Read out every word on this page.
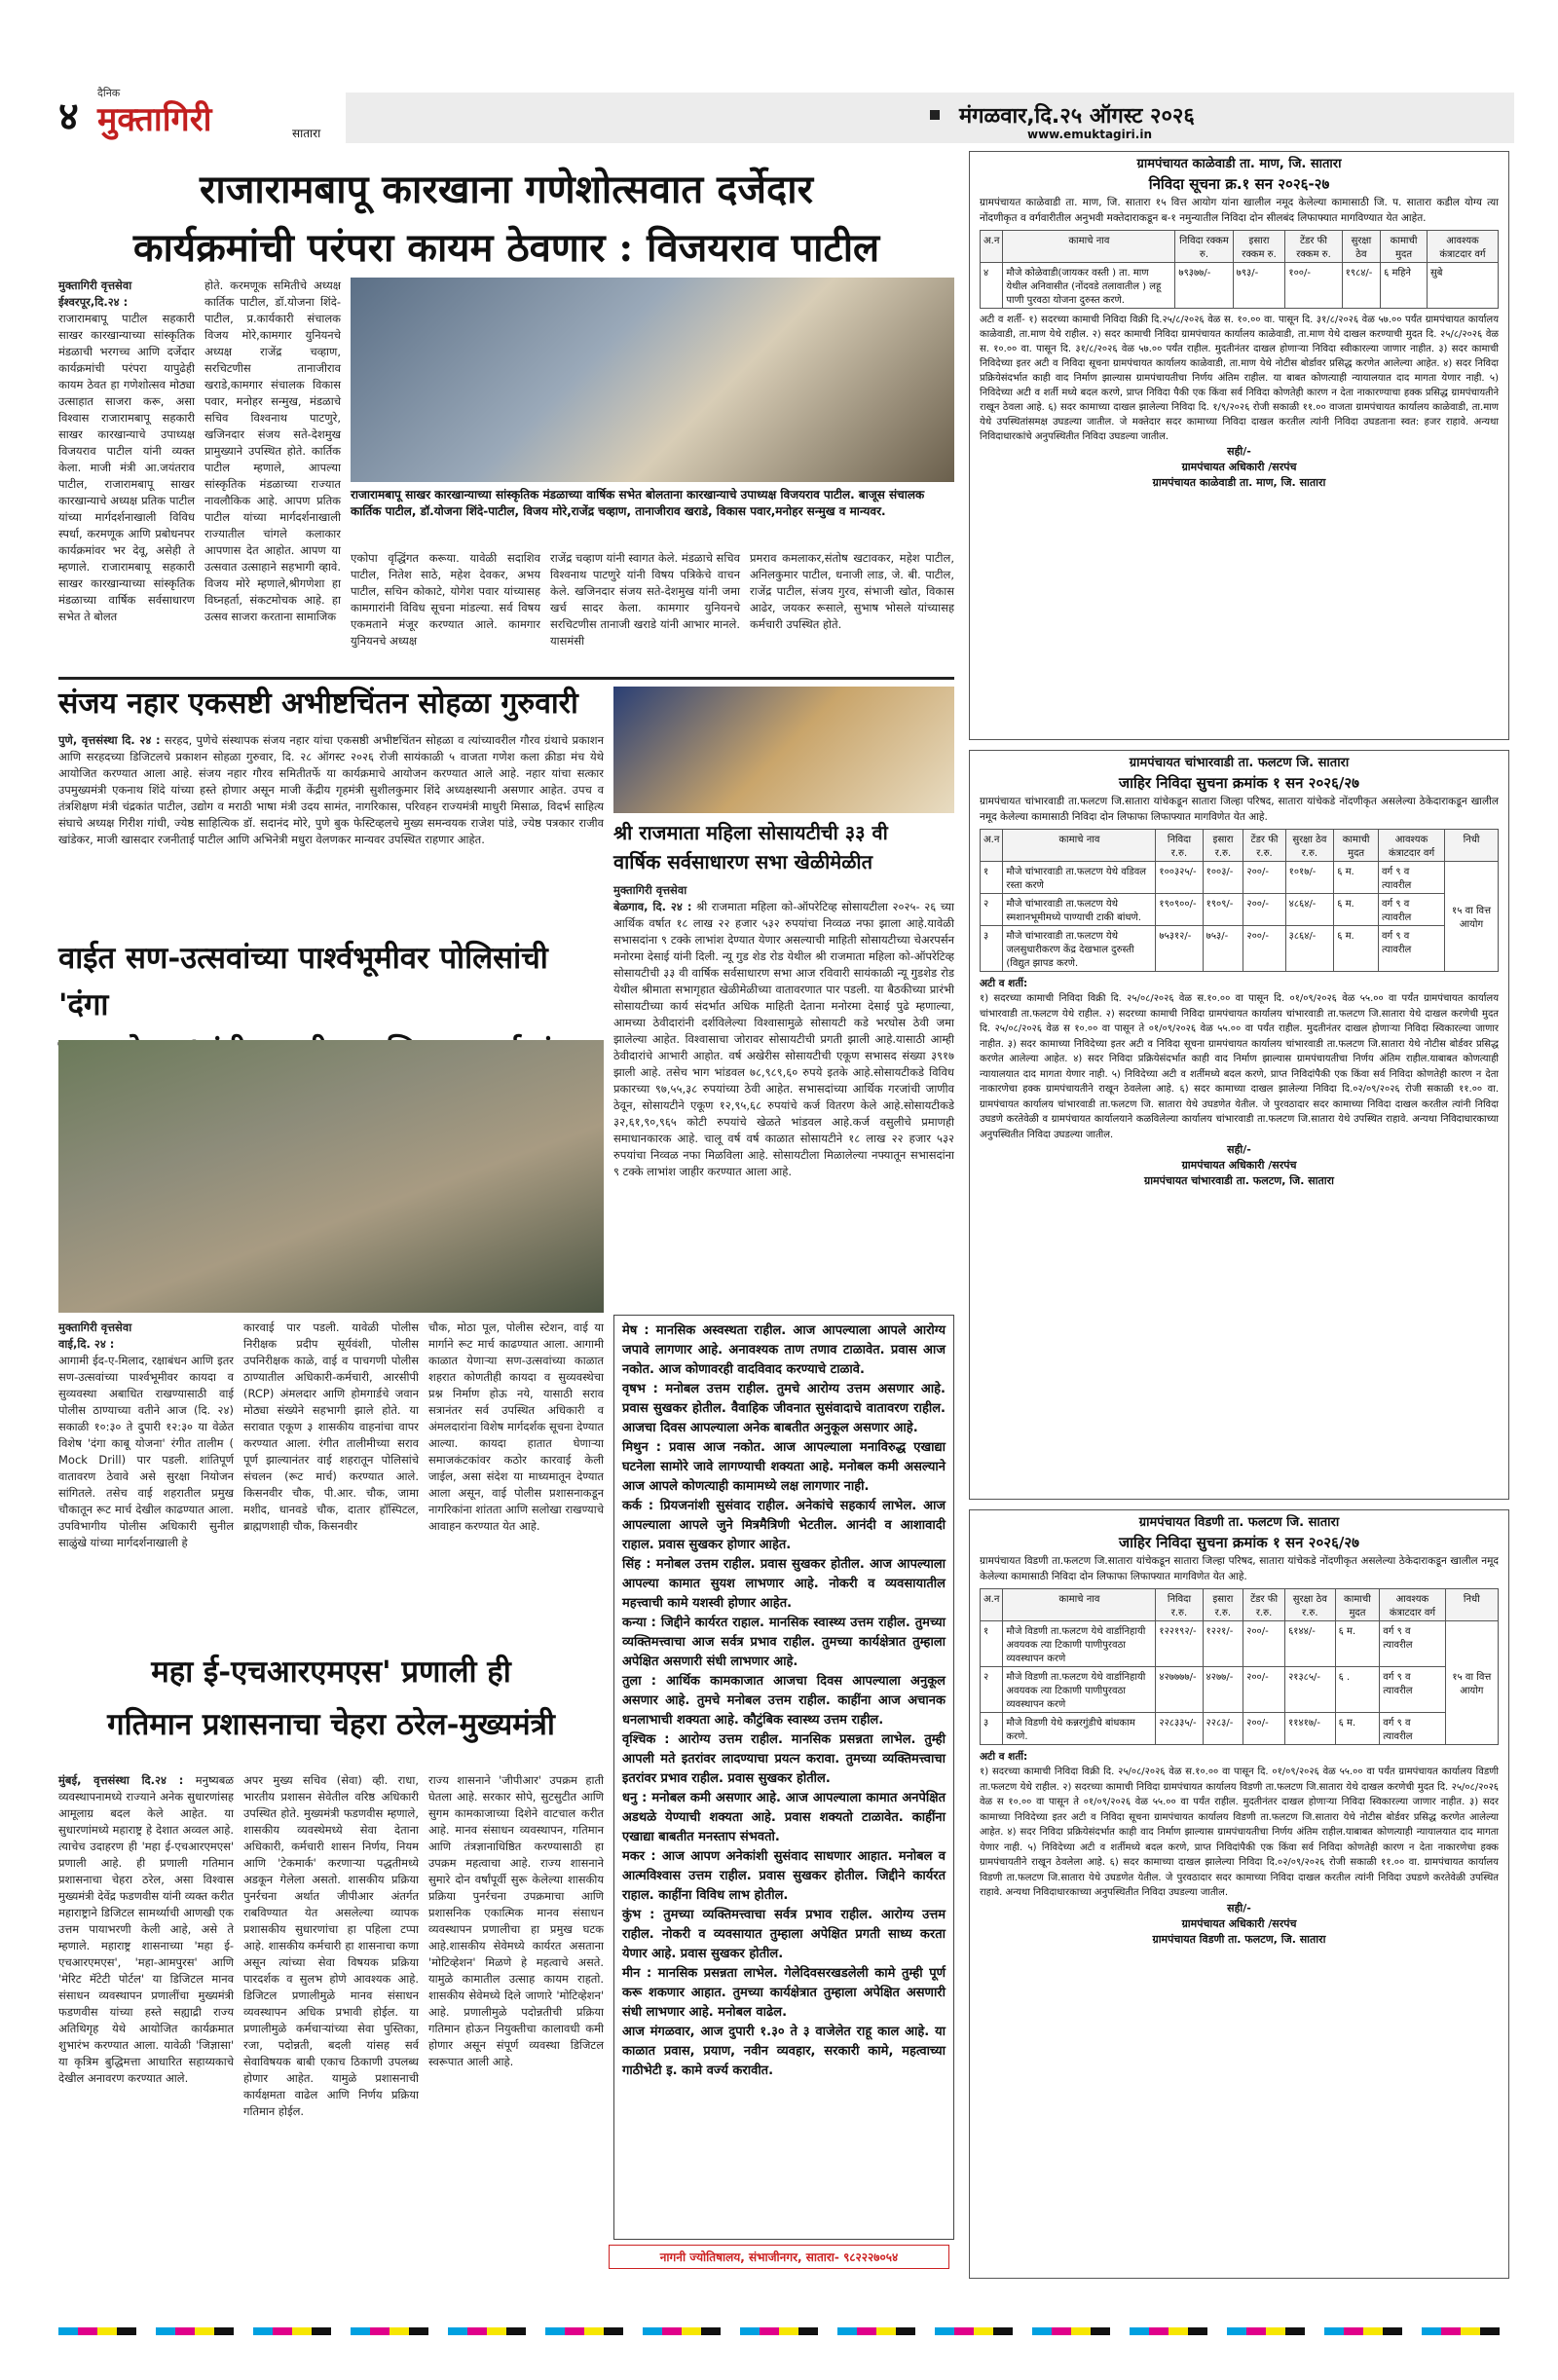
४
दैनिक
मुक्तागिरी	सातारा
मंगळवार,दि.२५ ऑगस्ट २०२६
www.emuktagiri.in
राजारामबापू कारखाना गणेशोत्सवात दर्जेदार
कार्यक्रमांची परंपरा कायम ठेवणार : विजयराव पाटील
मुक्तागिरी वृत्तसेवा
ईश्वरपूर,दि.२४ :
राजारामबापू पाटील सहकारी साखर कारखान्याच्या सांस्कृतिक मंडळाची भरगच्च आणि दर्जेदार कार्यक्रमांची परंपरा यापुढेही कायम ठेवत हा गणेशोत्सव मोठ्या उत्साहात साजरा करू, असा विश्वास राजारामबापू सहकारी साखर कारखान्याचे उपाध्यक्ष विजयराव पाटील यांनी व्यक्त केला. माजी मंत्री आ.जयंतराव पाटील, राजारामबापू साखर कारखान्याचे अध्यक्ष प्रतिक पाटील यांच्या मार्गदर्शनाखाली विविध स्पर्धा, करमणूक आणि प्रबोधनपर कार्यक्रमांवर भर देवू, असेही ते म्हणाले. राजारामबापू सहकारी साखर कारखान्याच्या सांस्कृतिक मंडळाच्या वार्षिक सर्वसाधारण सभेत ते बोलत
होते. करमणूक समितीचे अध्यक्ष कार्तिक पाटील, डॉ.योजना शिंदे-पाटील, प्र.कार्यकारी संचालक विजय मोरे,कामगार युनियनचे अध्यक्ष राजेंद्र चव्हाण, सरचिटणीस तानाजीराव खराडे,कामगार संचालक विकास पवार, मनोहर सन्मुख, मंडळाचे सचिव विश्वनाथ पाटणुरे, खजिनदार संजय सते-देशमुख प्रामुख्याने उपस्थित होते. कार्तिक पाटील म्हणाले, आपल्या सांस्कृतिक मंडळाच्या राज्यात नावलौकिक आहे. आपण प्रतिक पाटील यांच्या मार्गदर्शनाखाली राज्यातील चांगले कलाकार आपणास देत आहोत. आपण या उत्सवात उत्साहाने सहभागी व्हावे. विजय मोरे म्हणाले,श्रीगणेशा हा विघ्नहर्ता, संकटमोचक आहे. हा उत्सव साजरा करताना सामाजिक
राजारामबापू साखर कारखान्याच्या सांस्कृतिक मंडळाच्या वार्षिक सभेत बोलताना कारखान्याचे उपाध्यक्ष विजयराव पाटील. बाजूस संचालक कार्तिक पाटील, डॉ.योजना शिंदे-पाटील, विजय मोरे,राजेंद्र चव्हाण, तानाजीराव खराडे, विकास पवार,मनोहर सन्मुख व मान्यवर.
एकोपा वृद्धिंगत करूया. यावेळी सदाशिव पाटील, नितेश साठे, महेश देवकर, अभय पाटील, सचिन कोकाटे, योगेश पवार यांच्यासह कामगारांनी विविध सूचना मांडल्या. सर्व विषय एकमताने मंजूर करण्यात आले. कामगार युनियनचे अध्यक्ष
राजेंद्र चव्हाण यांनी स्वागत केले. मंडळाचे सचिव विश्वनाथ पाटणुरे यांनी विषय पत्रिकेचे वाचन केले. खजिनदार संजय सते-देशमुख यांनी जमा खर्च सादर केला. कामगार युनियनचे सरचिटणीस तानाजी खराडे यांनी आभार मानले. यासमंसी
प्रमराव कमलाकर,संतोष खटावकर, महेश पाटील, अनिलकुमार पाटील, धनाजी लाड, जे. बी. पाटील, राजेंद्र पाटील, संजय गुरव, संभाजी खोत, विकास आढेर, जयकर रूसाले, सुभाष भोसले यांच्यासह कर्मचारी उपस्थित होते.
संजय नहार एकसष्टी अभीष्टचिंतन सोहळा गुरुवारी
पुणे, वृत्तसंस्था दि. २४ : सरहद, पुणेचे संस्थापक संजय नहार यांचा एकसष्ठी अभीष्टचिंतन सोहळा व त्यांच्यावरील गौरव ग्रंथाचे प्रकाशन आणि सरहदच्या डिजिटलचे प्रकाशन सोहळा गुरुवार, दि. २८ ऑगस्ट २०२६ रोजी सायंकाळी ५ वाजता गणेश कला क्रीडा मंच येथे आयोजित करण्यात आला आहे. संजय नहार गौरव समितीतर्फे या कार्यक्रमाचे आयोजन करण्यात आले आहे. नहार यांचा सत्कार उपमुख्यमंत्री एकनाथ शिंदे यांच्या हस्ते होणार असून माजी केंद्रीय गृहमंत्री सुशीलकुमार शिंदे अध्यक्षस्थानी असणार आहेत. उपच व तंत्रशिक्षण मंत्री चंद्रकांत पाटील, उद्योग व मराठी भाषा मंत्री उदय सामंत, नागरिकास, परिवहन राज्यमंत्री माधुरी मिसाळ, विदर्भ साहित्य संघाचे अध्यक्ष गिरीश गांधी, ज्येष्ठ साहित्यिक डॉ. सदानंद मोरे, पुणे बुक फेस्टिव्हलचे मुख्य समन्वयक राजेश पांडे, ज्येष्ठ पत्रकार राजीव खांडेकर, माजी खासदार रजनीताई पाटील आणि अभिनेत्री मधुरा वेलणकर मान्यवर उपस्थित राहणार आहेत.	श्री राजमाता महिला सोसायटीची ३३ वी
वार्षिक सर्वसाधारण सभा खेळीमेळीत
मुक्तागिरी वृत्तसेवा
बेळगाव, दि. २४ : श्री राजमाता महिला को-ऑपरेटिव्ह सोसायटीला २०२५- २६ च्या आर्थिक वर्षात १८ लाख २२ हजार ५३२ रुपयांचा निव्वळ नफा झाला आहे.यावेळी सभासदांना ९ टक्के लाभांश देण्यात येणार असल्याची माहिती सोसायटीच्या चेअरपर्सन मनोरमा देसाई यांनी दिली. न्यू गुड शेड रोड येथील श्री राजमाता महिला को-ऑपरेटिव्ह सोसायटीची ३३ वी वार्षिक सर्वसाधारण सभा आज रविवारी सायंकाळी न्यू गुडशेड रोड येथील श्रीमाता सभागृहात खेळीमेळीच्या वातावरणात पार पडली. या बैठकीच्या प्रारंभी सोसायटीच्या कार्य संदर्भात अधिक माहिती देताना मनोरमा देसाई पुढे म्हणाल्या, आमच्या ठेवीदारांनी दर्शविलेल्या विश्वासामुळे सोसायटी कडे भरघोस ठेवी जमा झालेल्या आहेत. विश्वासाचा जोरावर सोसायटीची प्रगती झाली आहे.यासाठी आम्ही ठेवीदारांचे आभारी आहोत. वर्ष अखेरीस सोसायटीची एकूण सभासद संख्या ३९१७ झाली आहे. तसेच भाग भांडवल ७८,९८९,६० रुपये इतके आहे.सोसायटीकडे विविध प्रकारच्या ९७,५५,३८ रुपयांच्या ठेवी आहेत. सभासदांच्या आर्थिक गरजांची जाणीव ठेवून, सोसायटीने एकूण १२,९५,६८ रुपयांचे कर्ज वितरण केले आहे.सोसायटीकडे ३२,६१,९०,९६५ कोटी रुपयांचे खेळते भांडवल आहे.कर्ज वसुलीचे प्रमाणही समाधानकारक आहे. चालू वर्ष वर्ष काळात सोसायटीने १८ लाख २२ हजार ५३२ रुपयांचा निव्वळ नफा मिळविला आहे. सोसायटीला मिळालेल्या नफ्यातून सभासदांना ९ टक्के लाभांश जाहीर करण्यात आला आहे.
वाईत सण-उत्सवांच्या पार्श्वभूमीवर पोलिसांची 'दंगा
मुक्तागिरी वृत्तसेवा
वाई,दि. २४ :
आगामी ईद-ए-मिलाद, रक्षाबंधन आणि इतर सण-उत्सवांच्या पार्श्वभूमीवर कायदा व सुव्यवस्था अबाधित राखण्यासाठी वाई पोलीस ठाण्याच्या वतीने आज (दि. २४) सकाळी १०:३० ते दुपारी १२:३० या वेळेत विशेष 'दंगा काबू योजना' रंगीत तालीम ( Mock Drill) पार पडली. शांतिपूर्ण वातावरण ठेवावे असे सुरक्षा नियोजन सांगितले. तसेच वाई शहरातील प्रमुख चौकातून रूट मार्च देखील काढण्यात आला. उपविभागीय पोलीस अधिकारी सुनील साळुंखे यांच्या मार्गदर्शनाखाली हे
कारवाई पार पडली. यावेळी पोलीस निरीक्षक प्रदीप सूर्यवंशी, पोलीस उपनिरीक्षक काळे, वाई व पाचगणी पोलीस ठाण्यातील अधिकारी-कर्मचारी, आरसीपी (RCP) अंमलदार आणि होमगार्डचे जवान मोठ्या संख्येने सहभागी झाले होते. या सरावात एकूण ३ शासकीय वाहनांचा वापर करण्यात आला. रंगीत तालीमीच्या सराव पूर्ण झाल्यानंतर वाई शहरातून पोलिसांचे संचलन (रूट मार्च) करण्यात आले. किसनवीर चौक, पी.आर. चौक, जामा मशीद, धानवडे चौक, दातार हॉस्पिटल, ब्राह्मणशाही चौक, किसनवीर
चौक, मोठा पूल, पोलीस स्टेशन, वाई या मार्गाने रूट मार्च काढण्यात आला. आगामी काळात येणाऱ्या सण-उत्सवांच्या काळात शहरात कोणतीही कायदा व सुव्यवस्थेचा प्रश्न निर्माण होऊ नये, यासाठी सराव सत्रानंतर सर्व उपस्थित अधिकारी व अंमलदारांना विशेष मार्गदर्शक सूचना देण्यात आल्या. कायदा हातात घेणाऱ्या समाजकंटकांवर कठोर कारवाई केली जाईल, असा संदेश या माध्यमातून देण्यात आला असून, वाई पोलीस प्रशासनाकडून नागरिकांना शांतता आणि सलोखा राखण्याचे आवाहन करण्यात येत आहे.
महा ई-एचआरएमएस' प्रणाली ही
गतिमान प्रशासनाचा चेहरा ठरेल-मुख्यमंत्री
मुंबई, वृत्तसंस्था दि.२४ : मनुष्यबळ व्यवस्थापनामध्ये राज्याने अनेक सुधारणांसह आमूलाग्र बदल केले आहेत. या सुधारणांमध्ये महाराष्ट्र हे देशात अव्वल आहे. त्याचेच उदाहरण ही 'महा ई-एचआरएमएस' प्रणाली आहे. ही प्रणाली गतिमान प्रशासनाचा चेहरा ठरेल, असा विश्वास मुख्यमंत्री देवेंद्र फडणवीस यांनी व्यक्त करीत महाराष्ट्राने डिजिटल सामर्थ्याची आणखी एक उत्तम पायाभरणी केली आहे, असे ते म्हणाले. महाराष्ट्र शासनाच्या 'महा ई-एचआरएमएस', 'महा-आमपुरस' आणि 'मेरिट मॅटेटी पोर्टल' या डिजिटल मानव संसाधन व्यवस्थापन प्रणालींचा मुख्यमंत्री फडणवीस यांच्या हस्ते सह्याद्री राज्य अतिथिगृह येथे आयोजित कार्यक्रमात शुभारंभ करण्यात आला. यावेळी 'जिज्ञासा' या कृत्रिम बुद्धिमत्ता आधारित सहाय्यकाचे देखील अनावरण करण्यात आले.
अपर मुख्य सचिव (सेवा) व्ही. राधा, भारतीय प्रशासन सेवेतील वरिष्ठ अधिकारी उपस्थित होते. मुख्यमंत्री फडणवीस म्हणाले, शासकीय व्यवस्थेमध्ये सेवा देताना अधिकारी, कर्मचारी शासन निर्णय, नियम आणि 'टेकमार्क' करणाऱ्या पद्धतीमध्ये अडकून गेलेला असतो. शासकीय प्रक्रिया पुनर्रचना अर्थात जीपीआर अंतर्गत राबविण्यात येत असलेल्या व्यापक प्रशासकीय सुधारणांचा हा पहिला टप्पा आहे. शासकीय कर्मचारी हा शासनाचा कणा असून त्यांच्या सेवा विषयक प्रक्रिया पारदर्शक व सुलभ होणे आवश्यक आहे. डिजिटल प्रणालीमुळे मानव संसाधन व्यवस्थापन अधिक प्रभावी होईल. या प्रणालीमुळे कर्मचाऱ्यांच्या सेवा पुस्तिका, रजा, पदोन्नती, बदली यांसह सर्व सेवाविषयक बाबी एकाच ठिकाणी उपलब्ध होणार आहेत. यामुळे प्रशासनाची कार्यक्षमता वाढेल आणि निर्णय प्रक्रिया गतिमान होईल.
राज्य शासनाने 'जीपीआर' उपक्रम हाती घेतला आहे. सरकार सोपे, सुटसुटीत आणि सुगम कामकाजाच्या दिशेने वाटचाल करीत आहे. मानव संसाधन व्यवस्थापन, गतिमान आणि तंत्रज्ञानाधिष्ठित करण्यासाठी हा उपक्रम महत्वाचा आहे. राज्य शासनाने सुमारे दोन वर्षांपूर्वी सुरू केलेल्या शासकीय प्रक्रिया पुनर्रचना उपक्रमाचा आणि प्रशासनिक एकात्मिक मानव संसाधन व्यवस्थापन प्रणालीचा हा प्रमुख घटक आहे.शासकीय सेवेमध्ये कार्यरत असताना 'मोटिव्हेशन' मिळणे हे महत्वाचे असते. यामुळे कामातील उत्साह कायम राहतो. शासकीय सेवेमध्ये दिले जाणारे 'मोटिव्हेशन' आहे. प्रणालीमुळे पदोन्नतीची प्रक्रिया गतिमान होऊन नियुक्तीचा कालावधी कमी होणार असून संपूर्ण व्यवस्था डिजिटल स्वरूपात आली आहे.
मेष : मानसिक अस्वस्थता राहील. आज आपल्याला आपले आरोग्य जपावे लागणार आहे. अनावश्यक ताण तणाव टाळावेत. प्रवास आज नकोत. आज कोणावरही वादविवाद करण्याचे टाळावे.
वृषभ : मनोबल उत्तम राहील. तुमचे आरोग्य उत्तम असणार आहे. प्रवास सुखकर होतील. वैवाहिक जीवनात सुसंवादाचे वातावरण राहील. आजचा दिवस आपल्याला अनेक बाबतीत अनुकूल असणार आहे.
मिथुन : प्रवास आज नकोत. आज आपल्याला मनाविरुद्ध एखाद्या घटनेला सामोरे जावे लागण्याची शक्यता आहे. मनोबल कमी असल्याने आज आपले कोणत्याही कामामध्ये लक्ष लागणार नाही.
कर्क : प्रियजनांशी सुसंवाद राहील. अनेकांचे सहकार्य लाभेल. आज आपल्याला आपले जुने मित्रमैत्रिणी भेटतील. आनंदी व आशावादी राहाल. प्रवास सुखकर होणार आहेत.
सिंह : मनोबल उत्तम राहील. प्रवास सुखकर होतील. आज आपल्याला आपल्या कामात सुयश लाभणार आहे. नोकरी व व्यवसायातील महत्त्वाची कामे यशस्वी होणार आहेत.
कन्या : जिद्दीने कार्यरत राहाल. मानसिक स्वास्थ्य उत्तम राहील. तुमच्या व्यक्तिमत्त्वाचा आज सर्वत्र प्रभाव राहील. तुमच्या कार्यक्षेत्रात तुम्हाला अपेक्षित असणारी संधी लाभणार आहे.
तुला : आर्थिक कामकाजात आजचा दिवस आपल्याला अनुकूल असणार आहे. तुमचे मनोबल उत्तम राहील. काहींना आज अचानक धनलाभाची शक्यता आहे. कौटुंबिक स्वास्थ्य उत्तम राहील.
वृश्चिक : आरोग्य उत्तम राहील. मानसिक प्रसन्नता लाभेल. तुम्ही आपली मते इतरांवर लादण्याचा प्रयत्न करावा. तुमच्या व्यक्तिमत्त्वाचा इतरांवर प्रभाव राहील. प्रवास सुखकर होतील.
धनु : मनोबल कमी असणार आहे. आज आपल्याला कामात अनपेक्षित अडथळे येण्याची शक्यता आहे. प्रवास शक्यतो टाळावेत. काहींना एखाद्या बाबतीत मनस्ताप संभवतो.
मकर : आज आपण अनेकांशी सुसंवाद साधणार आहात. मनोबल व आत्मविश्वास उत्तम राहील. प्रवास सुखकर होतील. जिद्दीने कार्यरत राहाल. काहींना विविध लाभ होतील.
कुंभ : तुमच्या व्यक्तिमत्त्वाचा सर्वत्र प्रभाव राहील. आरोग्य उत्तम राहील. नोकरी व व्यवसायात तुम्हाला अपेक्षित प्रगती साध्य करता येणार आहे. प्रवास सुखकर होतील.
मीन : मानसिक प्रसन्नता लाभेल. गेलेदिवसरखडलेली कामे तुम्ही पूर्ण करू शकणार आहात. तुमच्या कार्यक्षेत्रात तुम्हाला अपेक्षित असणारी संधी लाभणार आहे. मनोबल वाढेल.
आज मंगळवार, आज दुपारी १.३० ते ३ वाजेलेत राहू काल आहे. या काळात प्रवास, प्रयाण, नवीन व्यवहार, सरकारी कामे, महत्वाच्या गाठीभेटी इ. कामे वर्ज्य करावीत.
नागनी ज्योतिषालय, संभाजीनगर, सातारा- ९८२२२७०५४
ग्रामपंचायत काळेवाडी ता. माण, जि. सातारा
निविदा सूचना क्र.१ सन २०२६-२७
ग्रामपंचायत काळेवाडी ता. माण, जि. सातारा १५ वित्त आयोग यांना खालील नमूद केलेल्या कामासाठी जि. प. सातारा कडील योग्य त्या नोंदणीकृत व वर्गवारीतील अनुभवी मक्तेदाराकडून ब-१ नमुन्यातील निविदा दोन सीलबंद लिफाफ्यात मागविण्यात येत आहेत.
अ.न	कामाचे नाव	निविदा रक्कम रु.	इसारा रक्कम रु.	टेंडर फी रक्कम रु.	सुरक्षा ठेव	कामाची मुदत	आवश्यक कंत्राटदार वर्ग
४	मौजे कोळेवाडी(जायकर वस्ती ) ता. माण येथील अनिवासीत (नोंदवडे तलावातील ) लहू पाणी पुरवठा योजना दुरुस्त करणे.	७९३७७/-	७९३/-	१००/-	१९८४/-	६ महिने	सुबे
अटी व शर्ती- १) सदरच्या कामाची निविदा विक्री दि.२५/८/२०२६ वेळ स. १०.०० वा. पासून दि. ३१/८/२०२६ वेळ ५७.०० पर्यंत ग्रामपंचायत कार्यालय काळेवाडी, ता.माण येथे राहील. २) सदर कामाची निविदा ग्रामपंचायत कार्यालय काळेवाडी, ता.माण येथे दाखल करण्याची मुदत दि. २५/८/२०२६ वेळ स. १०.०० वा. पासून दि. ३१/८/२०२६ वेळ ५७.०० पर्यंत राहील. मुदतीनंतर दाखल होणाऱ्या निविदा स्वीकारल्या जाणार नाहीत. ३) सदर कामाची निविदेच्या इतर अटी व निविदा सूचना ग्रामपंचायत कार्यालय काळेवाडी, ता.माण येथे नोटीस बोर्डावर प्रसिद्ध करणेत आलेल्या आहेत. ४) सदर निविदा प्रक्रियेसंदर्भात काही वाद निर्माण झाल्यास ग्रामपंचायतीचा निर्णय अंतिम राहील. या बाबत कोणत्याही न्यायालयात दाद मागता येणार नाही. ५) निविदेच्या अटी व शर्ती मध्ये बदल करणे, प्राप्त निविदा पैकी एक किंवा सर्व निविदा कोणतेही कारण न देता नाकारण्याचा हक्क प्रसिद्ध ग्रामपंचायतीने राखून ठेवला आहे. ६) सदर कामाच्या दाखल झालेल्या निविदा दि. १/९/२०२६ रोजी सकाळी ११.०० वाजता ग्रामपंचायत कार्यालय काळेवाडी, ता.माण येथे उपस्थितांसमक्ष उघडल्या जातील. जे मक्तेदार सदर कामाच्या निविदा दाखल करतील त्यांनी निविदा उघडताना स्वत: हजर राहावे. अन्यथा निविदाधारकांचे अनुपस्थितीत निविदा उघडल्या जातील.
सही/-
ग्रामपंचायत अधिकारी /सरपंच
ग्रामपंचायत काळेवाडी ता. माण, जि. सातारा
ग्रामपंचायत चांभारवाडी ता. फलटण जि. सातारा
जाहिर निविदा सुचना क्रमांक १ सन २०२६/२७
ग्रामपंचायत चांभारवाडी ता.फलटण जि.सातारा यांचेकडून सातारा जिल्हा परिषद, सातारा यांचेकडे नोंदणीकृत असलेल्या ठेकेदाराकडून खालील नमूद केलेल्या कामासाठी निविदा दोन लिफाफा लिफाफ्यात मागविणेत येत आहे.
अ.न	कामाचे नाव	निविदा र.रु.	इसारा र.रु.	टेंडर फी र.रु.	सुरक्षा ठेव र.रु.	कामाची मुदत	आवश्यक कंत्राटदार वर्ग	निधी
१	मौजे चांभारवाडी ता.फलटण येथे वडिवल रस्ता करणे	१००३२५/-	१००३/-	२००/-	१०१७/-	६ म.	वर्ग ९ व त्यावरील	१५ वा वित्त आयोग
२	मौजे चांभारवाडी ता.फलटण येथे स्मशानभूमीमध्ये पाण्याची टाकी बांधणे.	१९०९००/-	१९०९/-	२००/-	४८६४/-	६ म.	वर्ग ९ व त्यावरील	
३	मौजे चांभारवाडी ता.फलटण येथे जलसुधारीकरण केंद्र देखभाल दुरुस्ती (विद्युत झापड करणे.	७५३१२/-	७५३/-	२००/-	३८६४/-	६ म.	वर्ग ९ व त्यावरील	
अटी व शर्ती:
१) सदरच्या कामाची निविदा विक्री दि. २५/०८/२०२६ वेळ स.१०.०० वा पासून दि. ०१/०९/२०२६ वेळ ५५.०० वा पर्यंत ग्रामपंचायत कार्यालय चांभारवाडी ता.फलटण येथे राहील. २) सदरच्या कामाची निविदा ग्रामपंचायत कार्यालय चांभारवाडी ता.फलटण जि.सातारा येथे दाखल करणेची मुदत दि. २५/०८/२०२६ वेळ स १०.०० वा पासून ते ०१/०९/२०२६ वेळ ५५.०० वा पर्यंत राहील. मुदतीनंतर दाखल होणाऱ्या निविदा स्विकारल्या जाणार नाहीत. ३) सदर कामाच्या निविदेच्या इतर अटी व निविदा सूचना ग्रामपंचायत कार्यालय चांभारवाडी ता.फलटण जि.सातारा येथे नोटीस बोर्डवर प्रसिद्ध करणेत आलेल्या आहेत. ४) सदर निविदा प्रक्रियेसंदर्भात काही वाद निर्माण झाल्यास ग्रामपंचायतीचा निर्णय अंतिम राहील.याबाबत कोणत्याही न्यायालयात दाद मागता येणार नाही. ५) निविदेच्या अटी व शर्तीमध्ये बदल करणे, प्राप्त निविदांपैकी एक किंवा सर्व निविदा कोणतेही कारण न देता नाकारणेचा हक्क ग्रामपंचायतीने राखून ठेवलेला आहे. ६) सदर कामाच्या दाखल झालेल्या निविदा दि.०२/०९/२०२६ रोजी सकाळी ११.०० वा. ग्रामपंचायत कार्यालय चांभारवाडी ता.फलटण जि. सातारा येथे उघडणेत येतील. जे पुरवठादार सदर कामाच्या निविदा दाखल करतील त्यांनी निविदा उघडणे करतेवेळी व ग्रामपंचायत कार्यालयाने कळविलेल्या कार्यालय चांभारवाडी ता.फलटण जि.सातारा येथे उपस्थित राहावे. अन्यथा निविदाधारकाच्या अनुपस्थितीत निविदा उघडल्या जातील.
सही/-
ग्रामपंचायत अधिकारी /सरपंच
ग्रामपंचायत चांभारवाडी ता. फलटण, जि. सातारा
ग्रामपंचायत विडणी ता. फलटण जि. सातारा
जाहिर निविदा सुचना क्रमांक १ सन २०२६/२७
ग्रामपंचायत विडणी ता.फलटण जि.सातारा यांचेकडून सातारा जिल्हा परिषद, सातारा यांचेकडे नोंदणीकृत असलेल्या ठेकेदाराकडून खालील नमूद केलेल्या कामासाठी निविदा दोन लिफाफा लिफाफ्यात मागविणेत येत आहे.
अ.न	कामाचे नाव	निविदा र.रु.	इसारा र.रु.	टेंडर फी र.रु.	सुरक्षा ठेव र.रु.	कामाची मुदत	आवश्यक कंत्राटदार वर्ग	निधी
१	मौजे विडणी ता.फलटण येथे वार्डानिहायी अवयवक त्या टिकाणी पाणीपुरवठा व्यवस्थापन करणे	१२२१९२/-	१२२१/-	२००/-	६१४४/-	६ म.	वर्ग ९ व त्यावरील	१५ वा वित्त आयोग
२	मौजे विडणी ता.फलटण येथे वार्डानिहायी अवयवक त्या टिकाणी पाणीपुरवठा व्यवस्थापन करणे	४२७७७७/-	४२७७/-	२००/-	२१३८५/-	६ .	वर्ग ९ व त्यावरील	
३	मौजे विडणी येथे कन्नरगुंडीचे बांधकाम करणे.	२२८३३५/-	२२८३/-	२००/-	११४१७/-	६ म.	वर्ग ९ व त्यावरील	
अटी व शर्ती:
१) सदरच्या कामाची निविदा विक्री दि. २५/०८/२०२६ वेळ स.१०.०० वा पासून दि. ०१/०९/२०२६ वेळ ५५.०० वा पर्यंत ग्रामपंचायत कार्यालय विडणी ता.फलटण येथे राहील. २) सदरच्या कामाची निविदा ग्रामपंचायत कार्यालय विडणी ता.फलटण जि.सातारा येथे दाखल करणेची मुदत दि. २५/०८/२०२६ वेळ स १०.०० वा पासून ते ०१/०९/२०२६ वेळ ५५.०० वा पर्यंत राहील. मुदतीनंतर दाखल होणाऱ्या निविदा स्विकारल्या जाणार नाहीत. ३) सदर कामाच्या निविदेच्या इतर अटी व निविदा सूचना ग्रामपंचायत कार्यालय विडणी ता.फलटण जि.सातारा येथे नोटीस बोर्डवर प्रसिद्ध करणेत आलेल्या आहेत. ४) सदर निविदा प्रक्रियेसंदर्भात काही वाद निर्माण झाल्यास ग्रामपंचायतीचा निर्णय अंतिम राहील.याबाबत कोणत्याही न्यायालयात दाद मागता येणार नाही. ५) निविदेच्या अटी व शर्तीमध्ये बदल करणे, प्राप्त निविदांपैकी एक किंवा सर्व निविदा कोणतेही कारण न देता नाकारणेचा हक्क ग्रामपंचायतीने राखून ठेवलेला आहे. ६) सदर कामाच्या दाखल झालेल्या निविदा दि.०२/०९/२०२६ रोजी सकाळी ११.०० वा. ग्रामपंचायत कार्यालय विडणी ता.फलटण जि.सातारा येथे उघडणेत येतील. जे पुरवठादार सदर कामाच्या निविदा दाखल करतील त्यांनी निविदा उघडणे करतेवेळी उपस्थित राहावे. अन्यथा निविदाधारकाच्या अनुपस्थितीत निविदा उघडल्या जातील.
सही/-
ग्रामपंचायत अधिकारी /सरपंच
ग्रामपंचायत विडणी ता. फलटण, जि. सातारा
